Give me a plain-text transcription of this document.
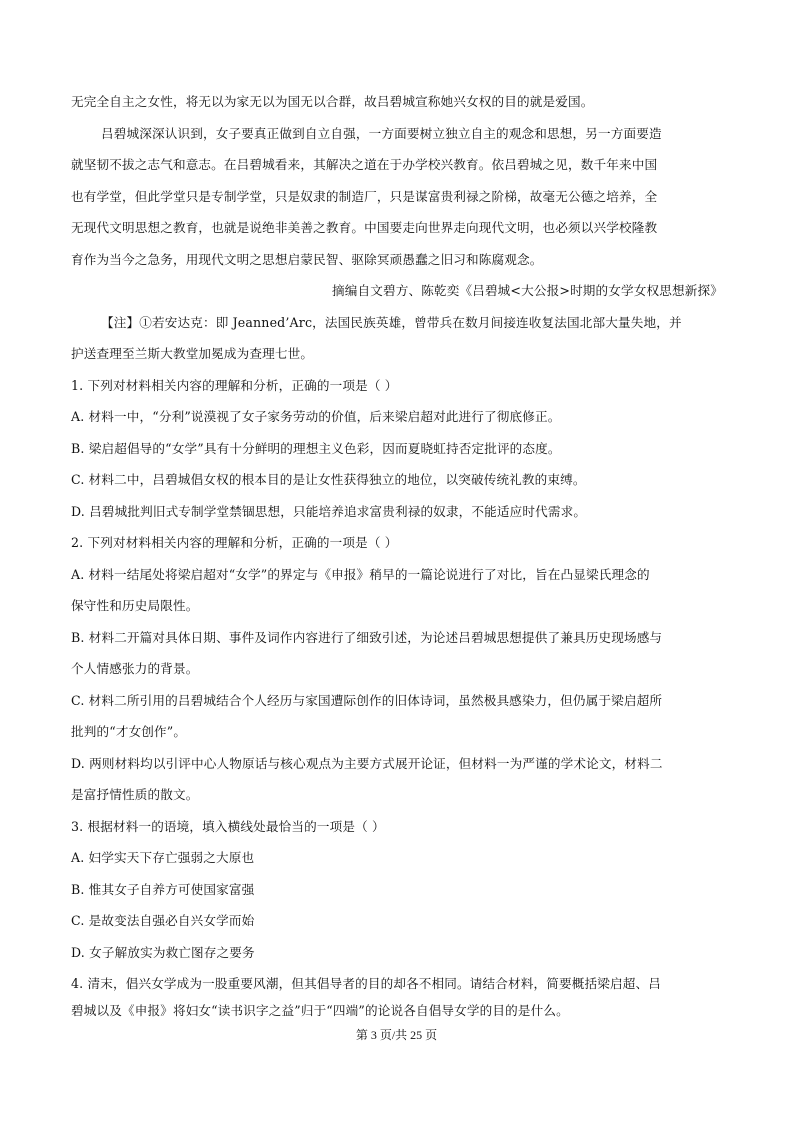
无完全自主之女性，将无以为家无以为国无以合群，故吕碧城宣称她兴女权的目的就是爱国。
吕碧城深深认识到，女子要真正做到自立自强，一方面要树立独立自主的观念和思想，另一方面要造
就坚韧不拔之志气和意志。在吕碧城看来，其解决之道在于办学校兴教育。依吕碧城之见，数千年来中国
也有学堂，但此学堂只是专制学堂，只是奴隶的制造厂，只是谋富贵利禄之阶梯，故毫无公德之培养，全
无现代文明思想之教育，也就是说绝非美善之教育。中国要走向世界走向现代文明，也必须以兴学校隆教
育作为当今之急务，用现代文明之思想启蒙民智、驱除冥顽愚蠢之旧习和陈腐观念。
摘编自文碧方、陈乾奕《吕碧城<大公报>时期的女学女权思想新探》
【注】①若安达克：即 Jeanned’Arc，法国民族英雄，曾带兵在数月间接连收复法国北部大量失地，并
护送查理至兰斯大教堂加冕成为查理七世。
1. 下列对材料相关内容的理解和分析，正确的一项是（ ）
A. 材料一中，“分利”说漠视了女子家务劳动的价值，后来梁启超对此进行了彻底修正。
B. 梁启超倡导的“女学”具有十分鲜明的理想主义色彩，因而夏晓虹持否定批评的态度。
C. 材料二中，吕碧城倡女权的根本目的是让女性获得独立的地位，以突破传统礼教的束缚。
D. 吕碧城批判旧式专制学堂禁锢思想，只能培养追求富贵利禄的奴隶，不能适应时代需求。
2. 下列对材料相关内容的理解和分析，正确的一项是（ ）
A. 材料一结尾处将梁启超对“女学”的界定与《申报》稍早的一篇论说进行了对比，旨在凸显梁氏理念的
保守性和历史局限性。
B. 材料二开篇对具体日期、事件及词作内容进行了细致引述，为论述吕碧城思想提供了兼具历史现场感与
个人情感张力的背景。
C. 材料二所引用的吕碧城结合个人经历与家国遭际创作的旧体诗词，虽然极具感染力，但仍属于梁启超所
批判的“才女创作”。
D. 两则材料均以引评中心人物原话与核心观点为主要方式展开论证，但材料一为严谨的学术论文，材料二
是富抒情性质的散文。
3. 根据材料一的语境，填入横线处最恰当的一项是（ ）
A. 妇学实天下存亡强弱之大原也
B. 惟其女子自养方可使国家富强
C. 是故变法自强必自兴女学而始
D. 女子解放实为救亡图存之要务
4. 清末，倡兴女学成为一股重要风潮，但其倡导者的目的却各不相同。请结合材料，简要概括梁启超、吕
碧城以及《申报》将妇女“读书识字之益”归于“四端”的论说各自倡导女学的目的是什么。
第 3 页/共 25 页
